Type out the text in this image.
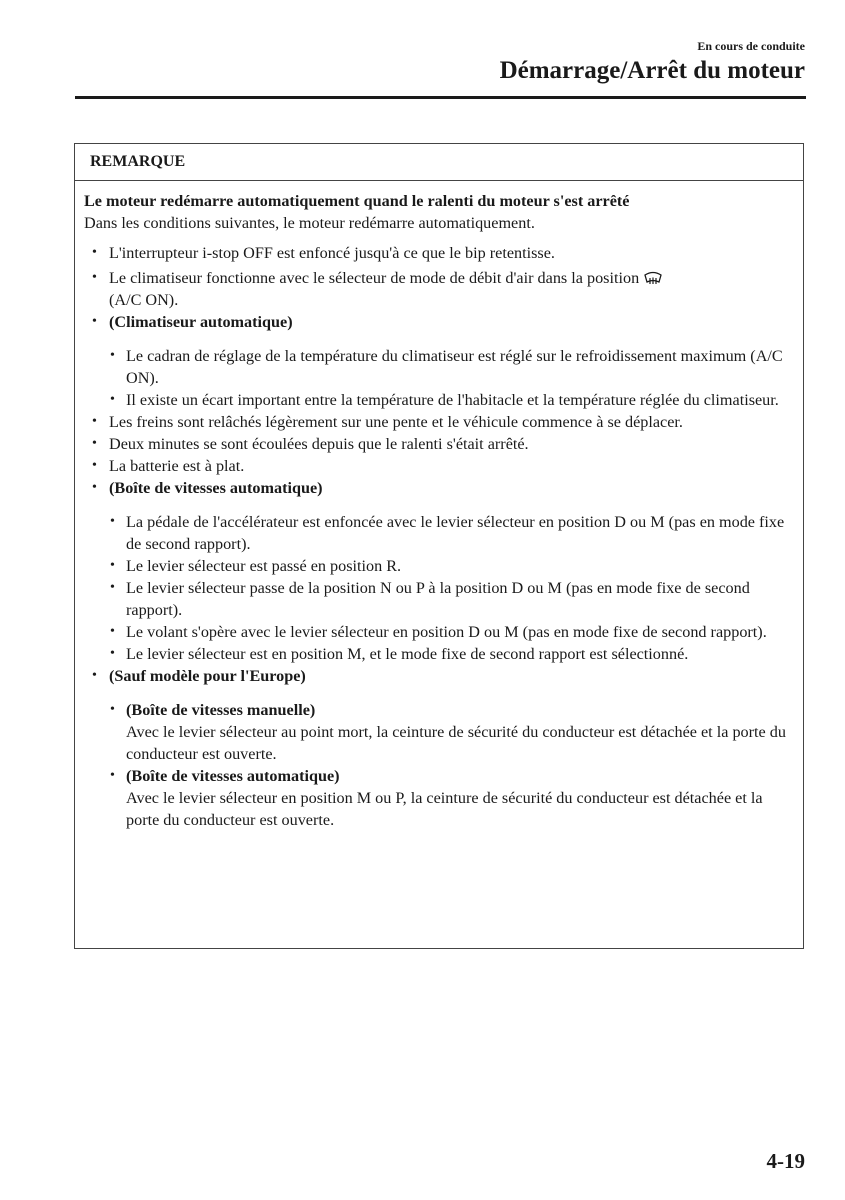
En cours de conduite
Démarrage/Arrêt du moteur
REMARQUE
Le moteur redémarre automatiquement quand le ralenti du moteur s'est arrêté
Dans les conditions suivantes, le moteur redémarre automatiquement.
• L'interrupteur i-stop OFF est enfoncé jusqu'à ce que le bip retentisse.
• Le climatiseur fonctionne avec le sélecteur de mode de débit d'air dans la position
(A/C ON).
• (Climatiseur automatique)
• Le cadran de réglage de la température du climatiseur est réglé sur le refroidissement maximum (A/C ON).
• Il existe un écart important entre la température de l'habitacle et la température réglée du climatiseur.
• Les freins sont relâchés légèrement sur une pente et le véhicule commence à se déplacer.
• Deux minutes se sont écoulées depuis que le ralenti s'était arrêté.
• La batterie est à plat.
• (Boîte de vitesses automatique)
• La pédale de l'accélérateur est enfoncée avec le levier sélecteur en position D ou M (pas en mode fixe de second rapport).
• Le levier sélecteur est passé en position R.
• Le levier sélecteur passe de la position N ou P à la position D ou M (pas en mode fixe de second rapport).
• Le volant s'opère avec le levier sélecteur en position D ou M (pas en mode fixe de second rapport).
• Le levier sélecteur est en position M, et le mode fixe de second rapport est sélectionné.
• (Sauf modèle pour l'Europe)
• (Boîte de vitesses manuelle)
Avec le levier sélecteur au point mort, la ceinture de sécurité du conducteur est détachée et la porte du conducteur est ouverte.
• (Boîte de vitesses automatique)
Avec le levier sélecteur en position M ou P, la ceinture de sécurité du conducteur est détachée et la porte du conducteur est ouverte.
4-19
